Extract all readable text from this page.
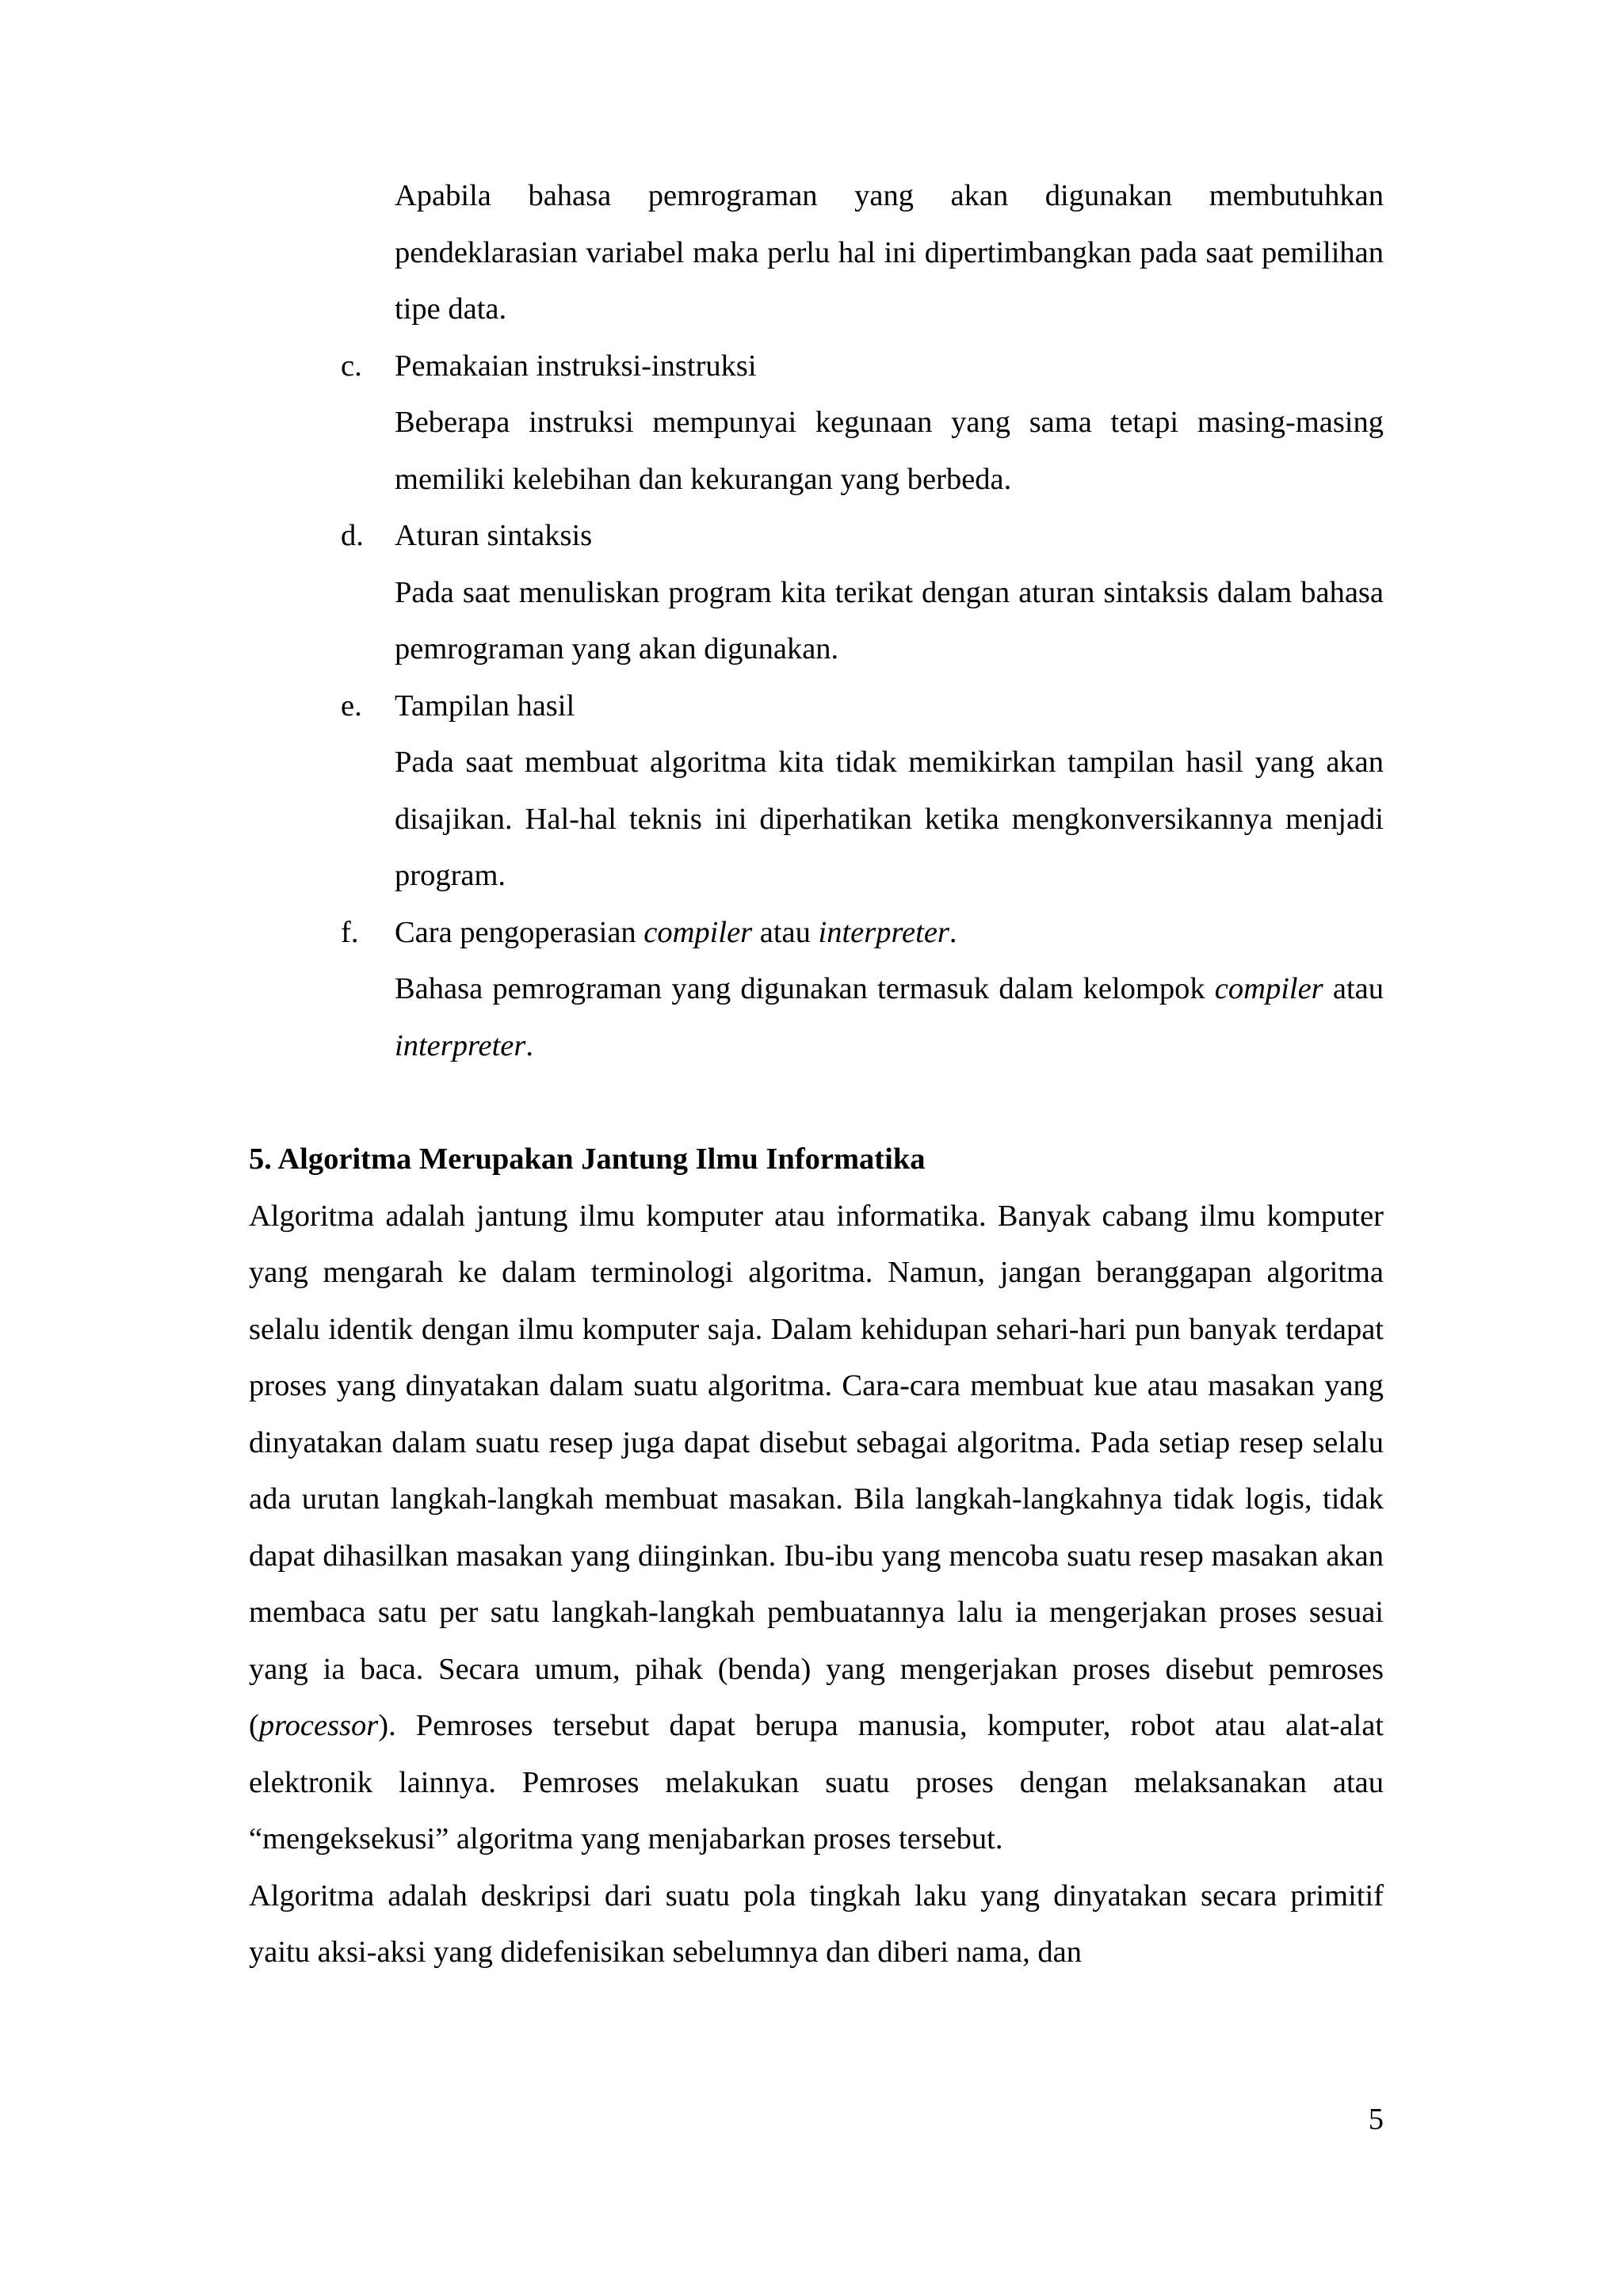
Apabila bahasa pemrograman yang akan digunakan membutuhkan pendeklarasian variabel maka perlu hal ini dipertimbangkan pada saat pemilihan tipe data.
c. Pemakaian instruksi-instruksi
Beberapa instruksi mempunyai kegunaan yang sama tetapi masing-masing memiliki kelebihan dan kekurangan yang berbeda.
d. Aturan sintaksis
Pada saat menuliskan program kita terikat dengan aturan sintaksis dalam bahasa pemrograman yang akan digunakan.
e. Tampilan hasil
Pada saat membuat algoritma kita tidak memikirkan tampilan hasil yang akan disajikan. Hal-hal teknis ini diperhatikan ketika mengkonversikannya menjadi program.
f. Cara pengoperasian compiler atau interpreter.
Bahasa pemrograman yang digunakan termasuk dalam kelompok compiler atau interpreter.
5. Algoritma Merupakan Jantung Ilmu Informatika

Algoritma adalah jantung ilmu komputer atau informatika. Banyak cabang ilmu komputer yang mengarah ke dalam terminologi algoritma. Namun, jangan beranggapan algoritma selalu identik dengan ilmu komputer saja. Dalam kehidupan sehari-hari pun banyak terdapat proses yang dinyatakan dalam suatu algoritma. Cara-cara membuat kue atau masakan yang dinyatakan dalam suatu resep juga dapat disebut sebagai algoritma. Pada setiap resep selalu ada urutan langkah-langkah membuat masakan. Bila langkah-langkahnya tidak logis, tidak dapat dihasilkan masakan yang diinginkan. Ibu-ibu yang mencoba suatu resep masakan akan membaca satu per satu langkah-langkah pembuatannya lalu ia mengerjakan proses sesuai yang ia baca. Secara umum, pihak (benda) yang mengerjakan proses disebut pemroses (processor). Pemroses tersebut dapat berupa manusia, komputer, robot atau alat-alat elektronik lainnya. Pemroses melakukan suatu proses dengan melaksanakan atau “mengeksekusi” algoritma yang menjabarkan proses tersebut.

Algoritma adalah deskripsi dari suatu pola tingkah laku yang dinyatakan secara primitif yaitu aksi-aksi yang didefenisikan sebelumnya dan diberi nama, dan

5
